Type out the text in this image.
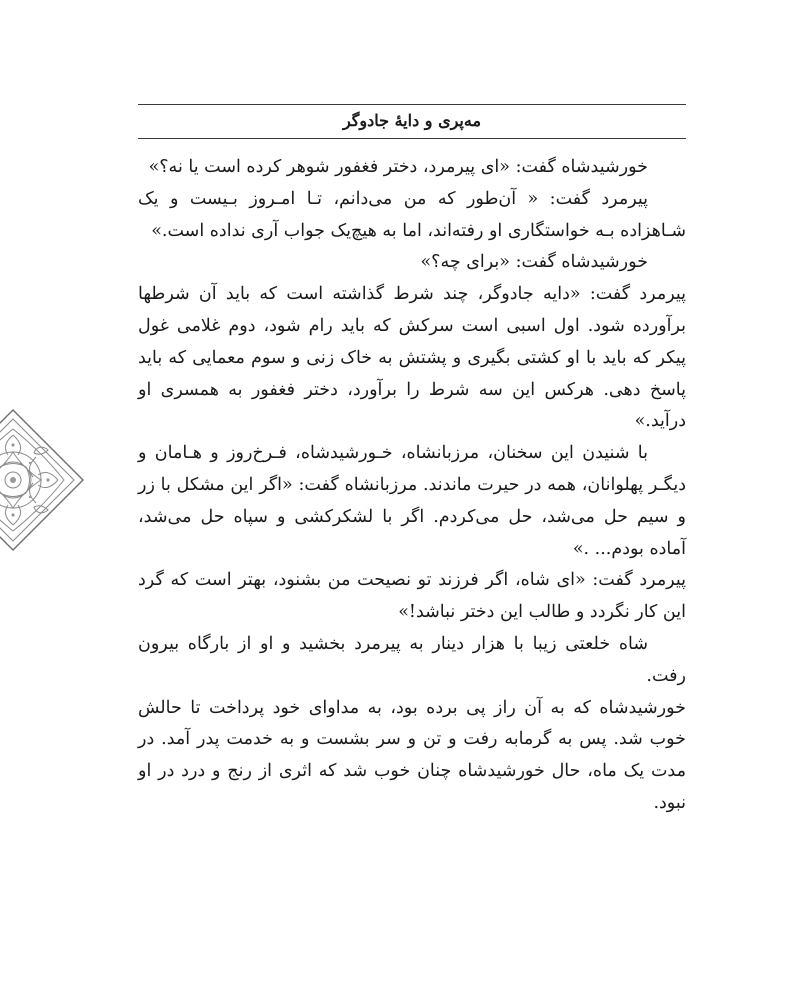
مه‌پری و دایهٔ جادوگر

خورشیدشاه گفت: «ای پیرمرد، دختر فغفور شوهر کرده است یا نه؟»

پیرمرد گفت: « آن‌طور که من می‌دانم، تـا امـروز بـیست و یک شـاهزاده بـه خواستگاری او رفته‌اند، اما به هیچ‌یک جواب آری نداده است.»

خورشیدشاه گفت: «برای چه؟»

پیرمرد گفت: «دایه جادوگر، چند شرط گذاشته است که باید آن شرطها برآورده شود. اول اسبی است سرکش که باید رام شود، دوم غلامی غول پیکر که باید با او کشتی بگیری و پشتش به خاک زنی و سوم معمایی که باید پاسخ دهی. هر‌کس این سه شرط را برآورد، دختر فغفور به همسری او درآید.»

با شنیدن این سخنان، مرزبانشاه، خـورشیدشاه، فـرخ‌روز و هـامان و دیگـر پهلوانان، همه در حیرت ماندند. مرزبانشاه گفت: «اگر این مشکل با زر و سیم حل می‌شد، حل می‌کردم. اگر با لشکرکشی و سپاه حل می‌شد، آماده بودم... .»

پیرمرد گفت: «ای شاه، اگر فرزند تو نصیحت من بشنود، بهتر است که گرد این کار نگردد و طالب این دختر نباشد!»

شاه خلعتی زیبا با هزار دینار به پیرمرد بخشید و او از بارگاه بیرون رفت.

خورشیدشاه که به آن راز پی برده بود، به مداوای خود پرداخت تا حالش خوب شد. پس به گرمابه رفت و تن و سر بشست و به خدمت پدر آمد. در مدت یک ماه، حال خورشیدشاه چنان خوب شد که اثری از رنج و درد در او نبود.
